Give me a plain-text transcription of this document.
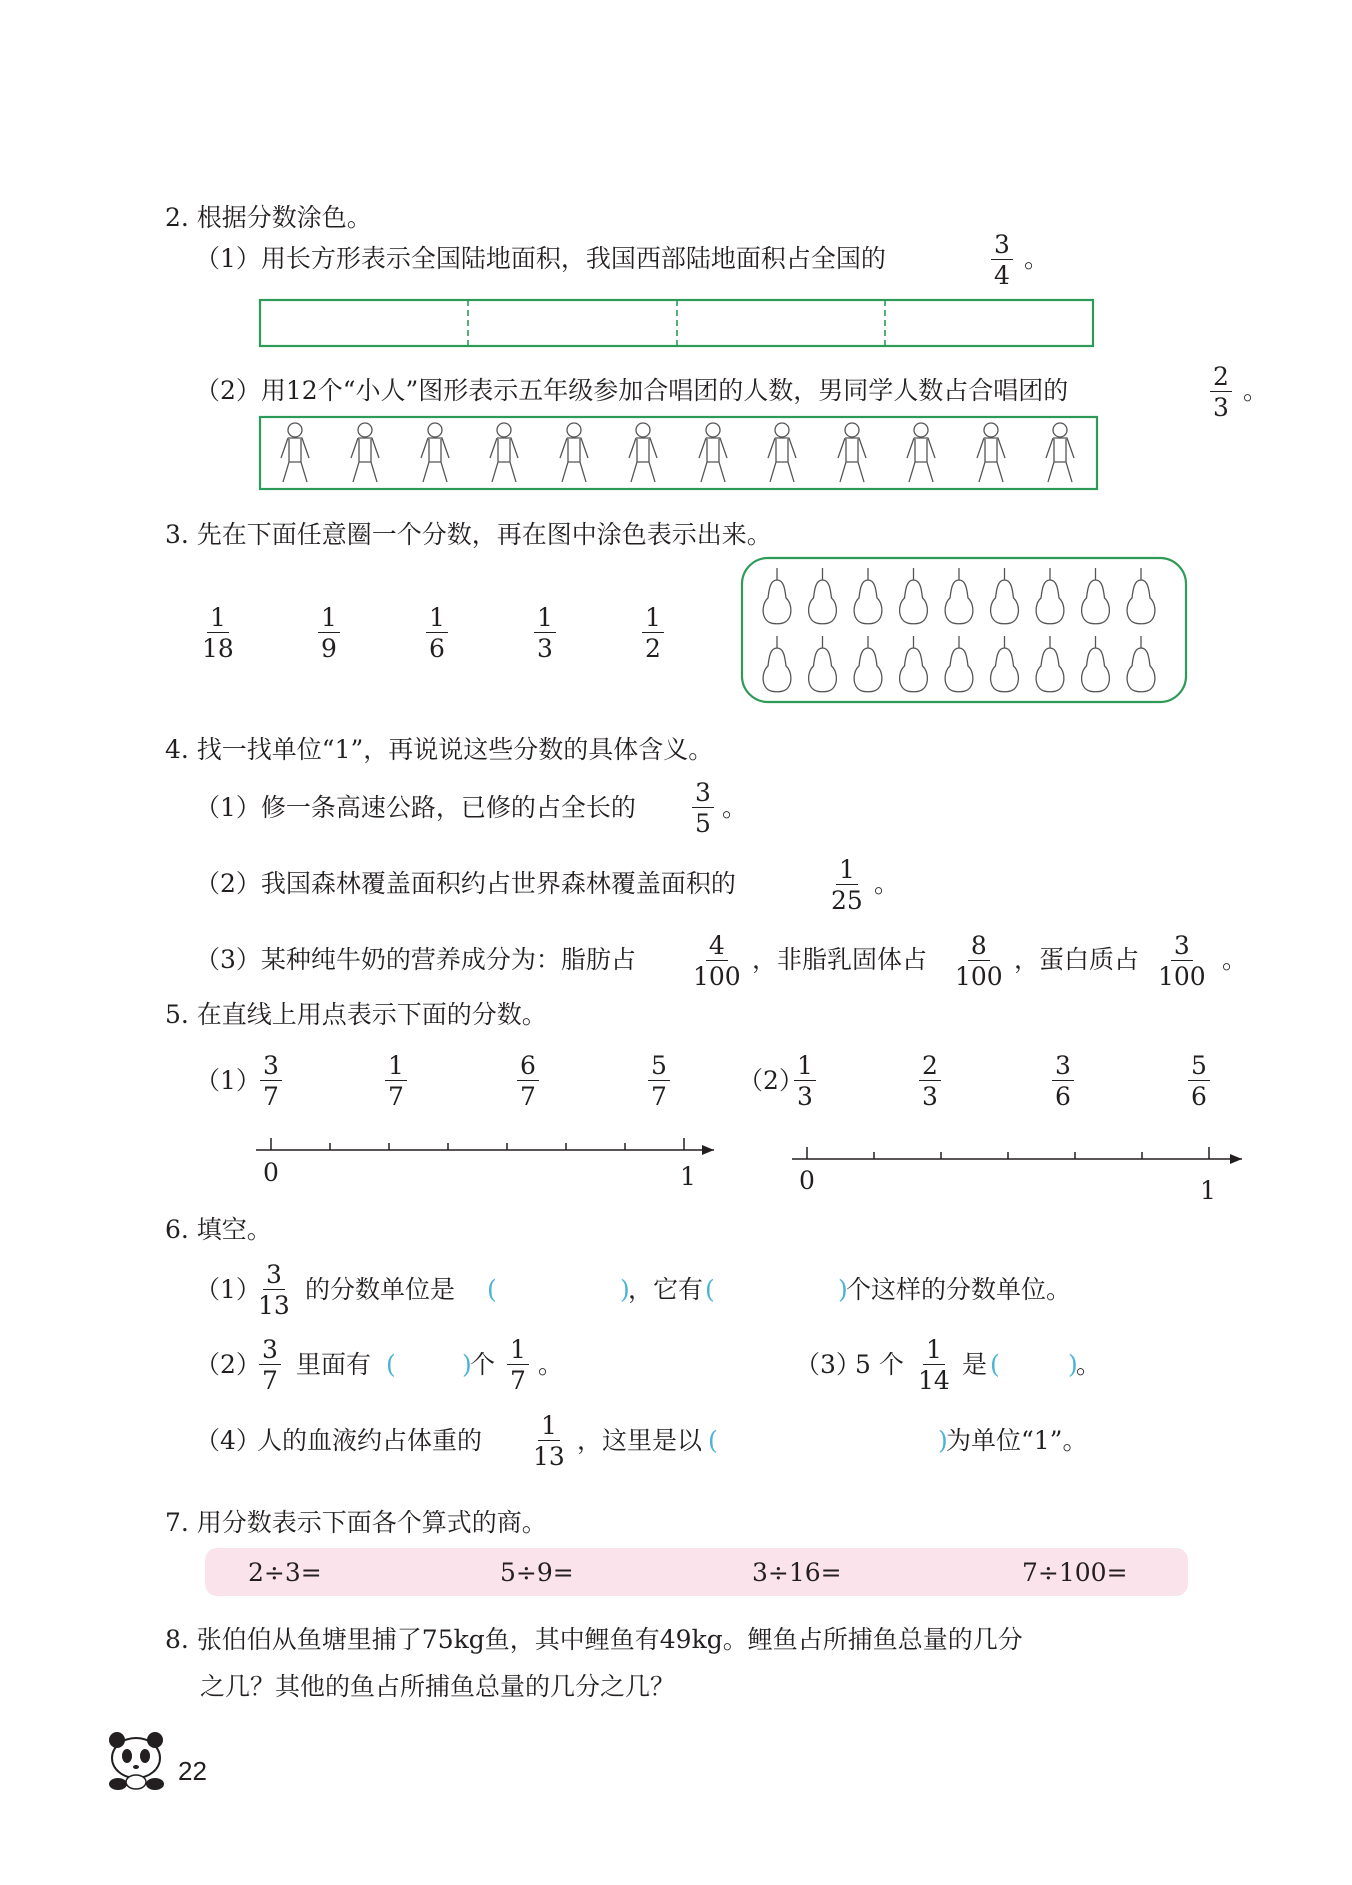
2. 根据分数涂色。
（1）用长方形表示全国陆地面积，我国西部陆地面积占全国的	$\frac{3}{4}$ 。
（2）用12个“小人”图形表示五年级参加合唱团的人数，男同学人数占合唱团的	$\frac{2}{3}$ 。
3. 先在下面任意圈一个分数，再在图中涂色表示出来。
$\frac{1}{18}$	$\frac{1}{9}$	$\frac{1}{6}$	$\frac{1}{3}$	$\frac{1}{2}$
4. 找一找单位“1”，再说说这些分数的具体含义。
（1）修一条高速公路，已修的占全长的 $\frac{3}{5}$ 。
（2）我国森林覆盖面积约占世界森林覆盖面积的	$\frac{1}{25}$ 。
（3）某种纯牛奶的营养成分为：脂肪占 $\frac{4}{100}$ ，非脂乳固体占 $\frac{8}{100}$ ，蛋白质占 $\frac{3}{100}$ 。
5. 在直线上用点表示下面的分数。
$(1) \frac{3}{7}$	$\frac{1}{7}$	$\frac{6}{7}$	$\frac{5}{7}$	（2）
$\frac{1}{3}$	$\frac{2}{3}$	$\frac{3}{6}$	$\frac{5}{6}$
0	1	0	1
6. 填空。
（1）
$\frac{3}{13}$ 的分数单位是 (	)
，它有 (	)
个这样的分数单位。
（2）
$\frac{3}{7}$ 里面有 (	)
个 $\frac{1}{7}$ 。	（3）
5 个 $\frac{1}{14}$ 是 (	)
。
（4）
人的血液约占体重的 $\frac{1}{13}$ ，这里是以 (	)
为单位“1”。
7. 用分数表示下面各个算式的商。
2÷3=	5÷9=	3÷16=	7÷100=
8. 张伯伯从鱼塘里捕了75kg鱼，其中鲤鱼有49kg。鲤鱼占所捕鱼总量的几分
之几？其他的鱼占所捕鱼总量的几分之几？
22
